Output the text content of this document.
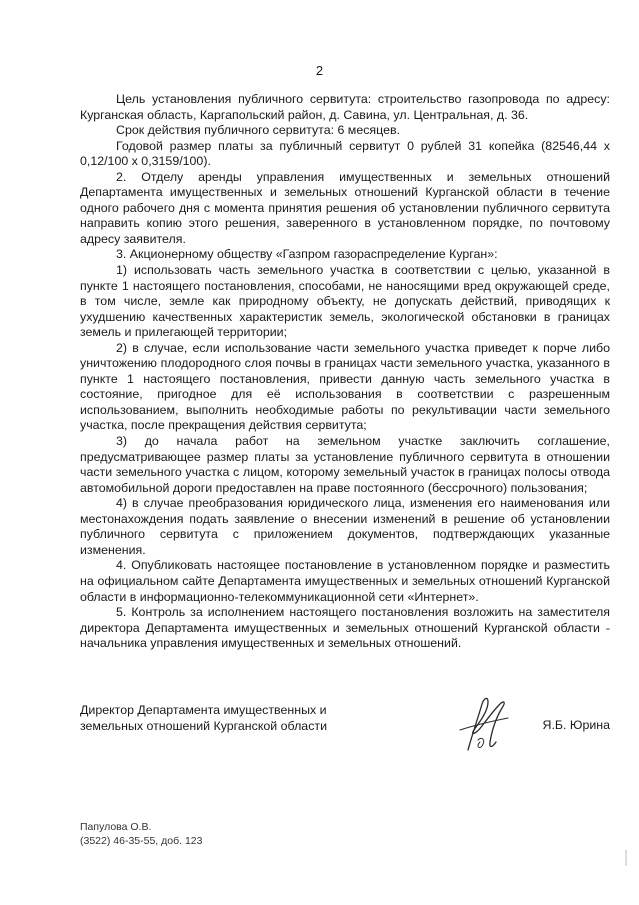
2

Цель установления публичного сервитута: строительство газопровода по адресу: Курганская область, Каргапольский район, д. Савина, ул. Центральная, д. 36.

Срок действия публичного сервитута: 6 месяцев.

Годовой размер платы за публичный сервитут 0 рублей 31 копейка (82546,44 х 0,12/100 х 0,3159/100).

2. Отделу аренды управления имущественных и земельных отношений Департамента имущественных и земельных отношений Курганской области в течение одного рабочего дня с момента принятия решения об установлении публичного сервитута направить копию этого решения, заверенного в установленном порядке, по почтовому адресу заявителя.

3. Акционерному обществу «Газпром газораспределение Курган»:

1) использовать часть земельного участка в соответствии с целью, указанной в пункте 1 настоящего постановления, способами, не наносящими вред окружающей среде, в том числе, земле как природному объекту, не допускать действий, приводящих к ухудшению качественных характеристик земель, экологической обстановки в границах земель и прилегающей территории;

2) в случае, если использование части земельного участка приведет к порче либо уничтожению плодородного слоя почвы в границах части земельного участка, указанного в пункте 1 настоящего постановления, привести данную часть земельного участка в состояние, пригодное для её использования в соответствии с разрешенным использованием, выполнить необходимые работы по рекультивации части земельного участка, после прекращения действия сервитута;

3) до начала работ на земельном участке заключить соглашение, предусматривающее размер платы за установление публичного сервитута в отношении части земельного участка с лицом, которому земельный участок в границах полосы отвода автомобильной дороги предоставлен на праве постоянного (бессрочного) пользования;

4) в случае преобразования юридического лица, изменения его наименования или местонахождения подать заявление о внесении изменений в решение об установлении публичного сервитута с приложением документов, подтверждающих указанные изменения.

4. Опубликовать настоящее постановление в установленном порядке и разместить на официальном сайте Департамента имущественных и земельных отношений Курганской области в информационно-телекоммуникационной сети «Интернет».

5. Контроль за исполнением настоящего постановления возложить на заместителя директора Департамента имущественных и земельных отношений Курганской области - начальника управления имущественных и земельных отношений.

Директор Департамента имущественных и
земельных отношений Курганской области	Я.Б. Юрина
Папулова О.В.
(3522) 46-35-55, доб. 123
